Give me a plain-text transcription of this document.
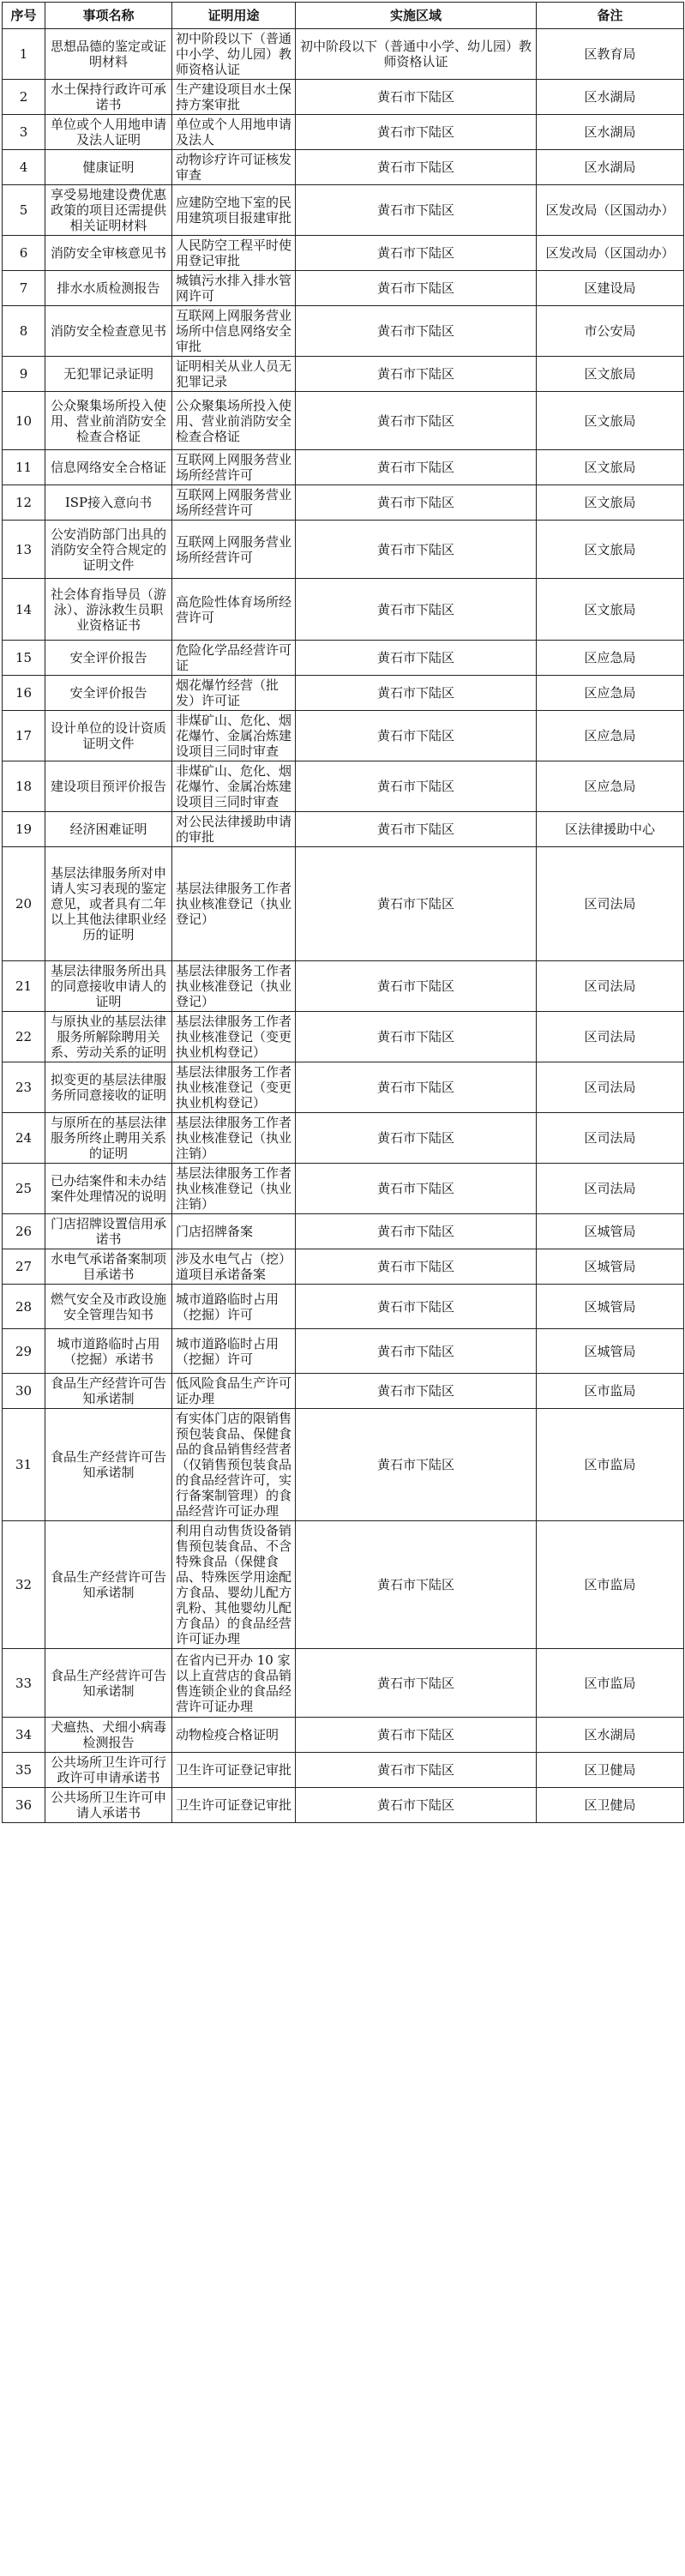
序号	事项名称	证明用途	实施区域	备注
1	思想品德的鉴定或证明材料	初中阶段以下（普通中小学、幼儿园）教师资格认证	初中阶段以下（普通中小学、幼儿园）教师资格认证	区教育局
2	水土保持行政许可承诺书	生产建设项目水土保持方案审批	黄石市下陆区	区水湖局
3	单位或个人用地申请及法人证明	单位或个人用地申请及法人	黄石市下陆区	区水湖局
4	健康证明	动物诊疗许可证核发审查	黄石市下陆区	区水湖局
5	享受易地建设费优惠政策的项目还需提供相关证明材料	应建防空地下室的民用建筑项目报建审批	黄石市下陆区	区发改局（区国动办）
6	消防安全审核意见书	人民防空工程平时使用登记审批	黄石市下陆区	区发改局（区国动办）
7	排水水质检测报告	城镇污水排入排水管网许可	黄石市下陆区	区建设局
8	消防安全检查意见书	互联网上网服务营业场所中信息网络安全审批	黄石市下陆区	市公安局
9	无犯罪记录证明	证明相关从业人员无犯罪记录	黄石市下陆区	区文旅局
10	公众聚集场所投入使用、营业前消防安全检查合格证	公众聚集场所投入使用、营业前消防安全检查合格证	黄石市下陆区	区文旅局
11	信息网络安全合格证	互联网上网服务营业场所经营许可	黄石市下陆区	区文旅局
12	ISP接入意向书	互联网上网服务营业场所经营许可	黄石市下陆区	区文旅局
13	公安消防部门出具的消防安全符合规定的证明文件	互联网上网服务营业场所经营许可	黄石市下陆区	区文旅局
14	社会体育指导员（游泳）、游泳救生员职业资格证书	高危险性体育场所经营许可	黄石市下陆区	区文旅局
15	安全评价报告	危险化学品经营许可证	黄石市下陆区	区应急局
16	安全评价报告	烟花爆竹经营（批发）许可证	黄石市下陆区	区应急局
17	设计单位的设计资质证明文件	非煤矿山、危化、烟花爆竹、金属冶炼建设项目三同时审查	黄石市下陆区	区应急局
18	建设项目预评价报告	非煤矿山、危化、烟花爆竹、金属冶炼建设项目三同时审查	黄石市下陆区	区应急局
19	经济困难证明	对公民法律援助申请的审批	黄石市下陆区	区法律援助中心
20	基层法律服务所对申请人实习表现的鉴定意见，或者具有二年以上其他法律职业经历的证明	基层法律服务工作者执业核准登记（执业登记）	黄石市下陆区	区司法局
21	基层法律服务所出具的同意接收申请人的证明	基层法律服务工作者执业核准登记（执业登记）	黄石市下陆区	区司法局
22	与原执业的基层法律服务所解除聘用关系、劳动关系的证明	基层法律服务工作者执业核准登记（变更执业机构登记）	黄石市下陆区	区司法局
23	拟变更的基层法律服务所同意接收的证明	基层法律服务工作者执业核准登记（变更执业机构登记）	黄石市下陆区	区司法局
24	与原所在的基层法律服务所终止聘用关系的证明	基层法律服务工作者执业核准登记（执业注销）	黄石市下陆区	区司法局
25	已办结案件和未办结案件处理情况的说明	基层法律服务工作者执业核准登记（执业注销）	黄石市下陆区	区司法局
26	门店招牌设置信用承诺书	门店招牌备案	黄石市下陆区	区城管局
27	水电气承诺备案制项目承诺书	涉及水电气占（挖）道项目承诺备案	黄石市下陆区	区城管局
28	燃气安全及市政设施安全管理告知书	城市道路临时占用（挖掘）许可	黄石市下陆区	区城管局
29	城市道路临时占用（挖掘）承诺书	城市道路临时占用（挖掘）许可	黄石市下陆区	区城管局
30	食品生产经营许可告知承诺制	低风险食品生产许可证办理	黄石市下陆区	区市监局
31	食品生产经营许可告知承诺制	有实体门店的限销售预包装食品、保健食品的食品销售经营者（仅销售预包装食品的食品经营许可，实行备案制管理）的食品经营许可证办理	黄石市下陆区	区市监局
32	食品生产经营许可告知承诺制	利用自动售货设备销售预包装食品、不含特殊食品（保健食品、特殊医学用途配方食品、婴幼儿配方乳粉、其他婴幼儿配方食品）的食品经营许可证办理	黄石市下陆区	区市监局
33	食品生产经营许可告知承诺制	在省内已开办 10 家以上直营店的食品销售连锁企业的食品经营许可证办理	黄石市下陆区	区市监局
34	犬瘟热、犬细小病毒检测报告	动物检疫合格证明	黄石市下陆区	区水湖局
35	公共场所卫生许可行政许可申请承诺书	卫生许可证登记审批	黄石市下陆区	区卫健局
36	公共场所卫生许可申请人承诺书	卫生许可证登记审批	黄石市下陆区	区卫健局
